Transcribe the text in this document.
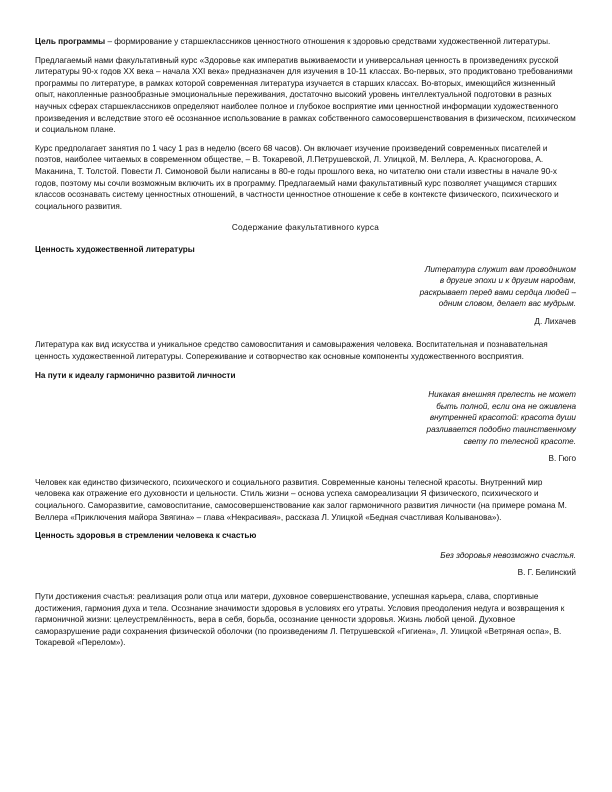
Цель программы – формирование у старшеклассников ценностного отношения к здоровью средствами художественной литературы.

Предлагаемый нами факультативный курс «Здоровье как императив выживаемости и универсальная ценность в произведениях русской литературы 90-х годов XX века – начала XXI века» предназначен для изучения в 10-11 классах. Во-первых, это продиктовано требованиями программы по литературе, в рамках которой современная литература изучается в старших классах. Во-вторых, имеющийся жизненный опыт, накопленные разнообразные эмоциональные переживания, достаточно высокий уровень интеллектуальной подготовки в разных научных сферах старшеклассников определяют наиболее полное и глубокое восприятие ими ценностной информации художественного произведения и вследствие этого её осознанное использование в рамках собственного самосовершенствования в физическом, психическом и социальном плане.

Курс предполагает занятия по 1 часу 1 раз в неделю (всего 68 часов). Он включает изучение произведений современных писателей и поэтов, наиболее читаемых в современном обществе, – В. Токаревой, Л.Петрушевской, Л. Улицкой, М. Веллера, А. Красногорова, А. Маканина, Т. Толстой. Повести Л. Симоновой были написаны в 80-е годы прошлого века, но читателю они стали известны в начале 90-х годов, поэтому мы сочли возможным включить их в программу. Предлагаемый нами факультативный курс позволяет учащимся старших классов осознавать систему ценностных отношений, в частности ценностное отношение к себе в контексте физического, психического и социального развития.

Содержание факультативного курса
Ценность художественной литературы
Литература служит вам проводником
в другие эпохи и к другим народам,
раскрывает перед вами сердца людей –
одним словом, делает вас мудрым.
Д. Лихачев

Литература как вид искусства и уникальное средство самовоспитания и самовыражения человека. Воспитательная и познавательная ценность художественной литературы. Сопереживание и сотворчество как основные компоненты художественного восприятия.

На пути к идеалу гармонично развитой личности
Никакая внешняя прелесть не может
быть полной, если она не оживлена
внутренней красотой: красота души
разливается подобно таинственному
свету по телесной красоте.
В. Гюго

Человек как единство физического, психического и социального развития. Современные каноны телесной красоты. Внутренний мир человека как отражение его духовности и цельности. Стиль жизни – основа успеха самореализации Я физического, психического и социального. Саморазвитие, самовоспитание, самосовершенствование как залог гармоничного развития личности (на примере романа М. Веллера «Приключения майора Звягина» – глава «Некрасивая», рассказа Л. Улицкой «Бедная счастливая Колыванова»).

Ценность здоровья в стремлении человека к счастью
Без здоровья невозможно счастья.
В. Г. Белинский

Пути достижения счастья: реализация роли отца или матери, духовное совершенствование, успешная карьера, слава, спортивные достижения, гармония духа и тела. Осознание значимости здоровья в условиях его утраты. Условия преодоления недуга и возвращения к гармоничной жизни: целеустремлённость, вера в себя, борьба, осознание ценности здоровья. Жизнь любой ценой. Духовное саморазрушение ради сохранения физической оболочки (по произведениям Л. Петрушевской «Гигиена», Л. Улицкой «Ветряная оспа», В. Токаревой «Перелом»).
